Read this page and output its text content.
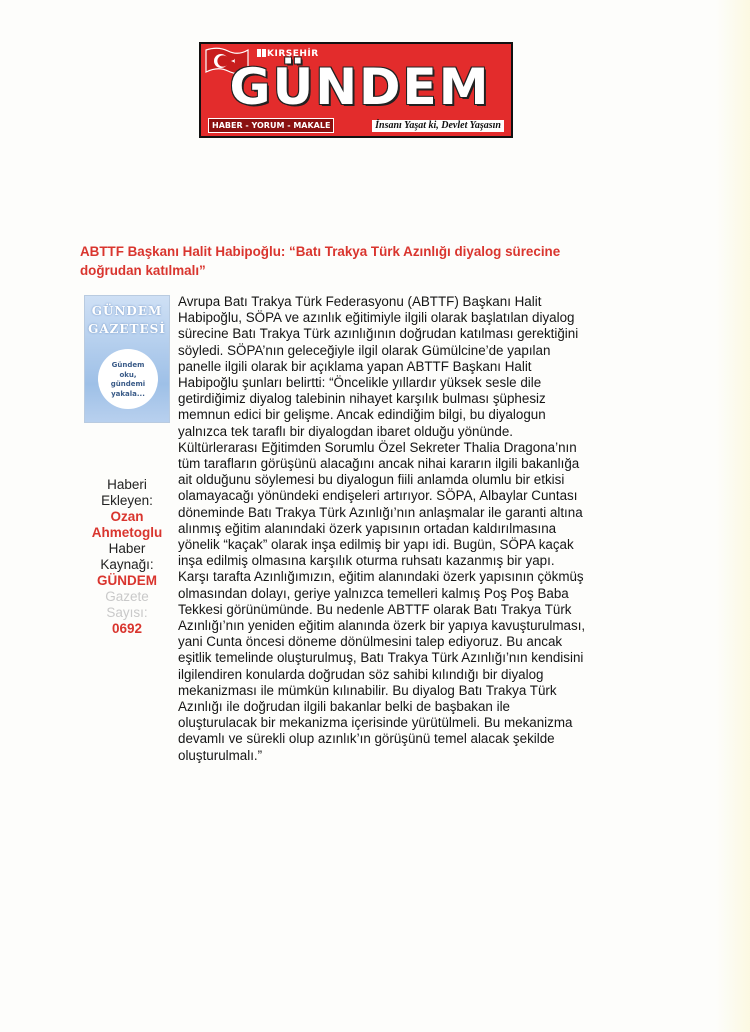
KIRŞEHİR
GÜNDEM
HABER - YORUM - MAKALE	İnsanı Yaşat ki, Devlet Yaşasın
ABTTF Başkanı Halit Habipoğlu: “Batı Trakya Türk Azınlığı diyalog sürecine
doğrudan katılmalı”
GÜNDEM
GAZETESİ
Gündem
oku,
gündemi
yakala...
Haberi
Ekleyen:
Ozan
Ahmetoglu
Haber
Kaynağı:
GÜNDEM
Gazete
Sayısı:
0692
Avrupa Batı Trakya Türk Federasyonu (ABTTF) Başkanı Halit
Habipoğlu, SÖPA ve azınlık eğitimiyle ilgili olarak başlatılan diyalog
sürecine Batı Trakya Türk azınlığının doğrudan katılması gerektiğini
söyledi. SÖPA’nın geleceğiyle ilgil olarak Gümülcine’de yapılan
panelle ilgili olarak bir açıklama yapan ABTTF Başkanı Halit
Habipoğlu şunları belirtti: “Öncelikle yıllardır yüksek sesle dile
getirdiğimiz diyalog talebinin nihayet karşılık bulması şüphesiz
memnun edici bir gelişme. Ancak edindiğim bilgi, bu diyalogun
yalnızca tek taraflı bir diyalogdan ibaret olduğu yönünde.
Kültürlerarası Eğitimden Sorumlu Özel Sekreter Thalia Dragona’nın
tüm tarafların görüşünü alacağını ancak nihai kararın ilgili bakanlığa
ait olduğunu söylemesi bu diyalogun fiili anlamda olumlu bir etkisi
olamayacağı yönündeki endişeleri artırıyor. SÖPA, Albaylar Cuntası
döneminde Batı Trakya Türk Azınlığı’nın anlaşmalar ile garanti altına
alınmış eğitim alanındaki özerk yapısının ortadan kaldırılmasına
yönelik “kaçak” olarak inşa edilmiş bir yapı idi. Bugün, SÖPA kaçak
inşa edilmiş olmasına karşılık oturma ruhsatı kazanmış bir yapı.
Karşı tarafta Azınlığımızın, eğitim alanındaki özerk yapısının çökmüş
olmasından dolayı, geriye yalnızca temelleri kalmış Poş Poş Baba
Tekkesi görünümünde. Bu nedenle ABTTF olarak Batı Trakya Türk
Azınlığı’nın yeniden eğitim alanında özerk bir yapıya kavuşturulması,
yani Cunta öncesi döneme dönülmesini talep ediyoruz. Bu ancak
eşitlik temelinde oluşturulmuş, Batı Trakya Türk Azınlığı’nın kendisini
ilgilendiren konularda doğrudan söz sahibi kılındığı bir diyalog
mekanizması ile mümkün kılınabilir. Bu diyalog Batı Trakya Türk
Azınlığı ile doğrudan ilgili bakanlar belki de başbakan ile
oluşturulacak bir mekanizma içerisinde yürütülmeli. Bu mekanizma
devamlı ve sürekli olup azınlık’ın görüşünü temel alacak şekilde
oluşturulmalı.”
